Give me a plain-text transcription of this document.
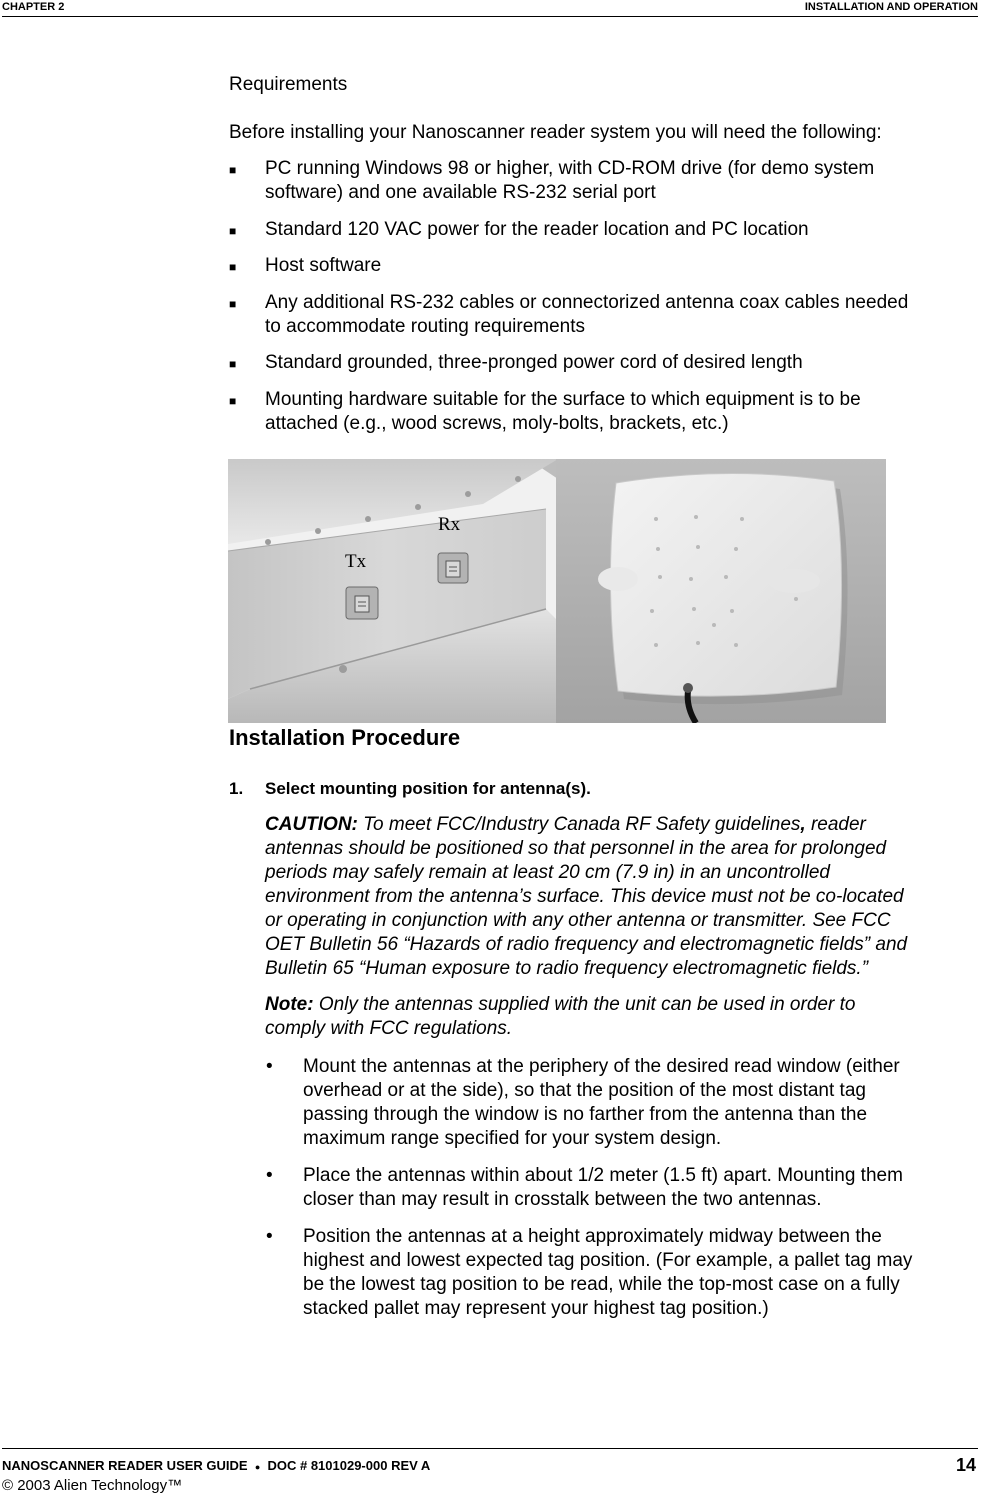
CHAPTER 2	INSTALLATION AND OPERATION
Requirements
Before installing your Nanoscanner reader system you will need the following:
■ PC running Windows 98 or higher, with CD-ROM drive (for demo system
software) and one available RS-232 serial port
■ Standard 120 VAC power for the reader location and PC location
■ Host software
■ Any additional RS-232 cables or connectorized antenna coax cables needed
to accommodate routing requirements
■ Standard grounded, three-pronged power cord of desired length
■ Mounting hardware suitable for the surface to which equipment is to be
attached (e.g., wood screws, moly-bolts, brackets, etc.)
Tx
Rx
Installation Procedure
1. Select mounting position for antenna(s).
CAUTION: To meet FCC/Industry Canada RF Safety guidelines, reader
antennas should be positioned so that personnel in the area for prolonged
periods may safely remain at least 20 cm (7.9 in) in an uncontrolled
environment from the antenna’s surface. This device must not be co-located
or operating in conjunction with any other antenna or transmitter. See FCC
OET Bulletin 56 “Hazards of radio frequency and electromagnetic fields” and
Bulletin 65 “Human exposure to radio frequency electromagnetic fields.”
Note: Only the antennas supplied with the unit can be used in order to
comply with FCC regulations.
• Mount the antennas at the periphery of the desired read window (either
overhead or at the side), so that the position of the most distant tag
passing through the window is no farther from the antenna than the
maximum range specified for your system design.
• Place the antennas within about 1/2 meter (1.5 ft) apart. Mounting them
closer than may result in crosstalk between the two antennas.
• Position the antennas at a height approximately midway between the
highest and lowest expected tag position. (For example, a pallet tag may
be the lowest tag position to be read, while the top-most case on a fully
stacked pallet may represent your highest tag position.)
NANOSCANNER READER USER GUIDE ● DOC # 8101029-000 REV A
© 2003 Alien Technology™
14
